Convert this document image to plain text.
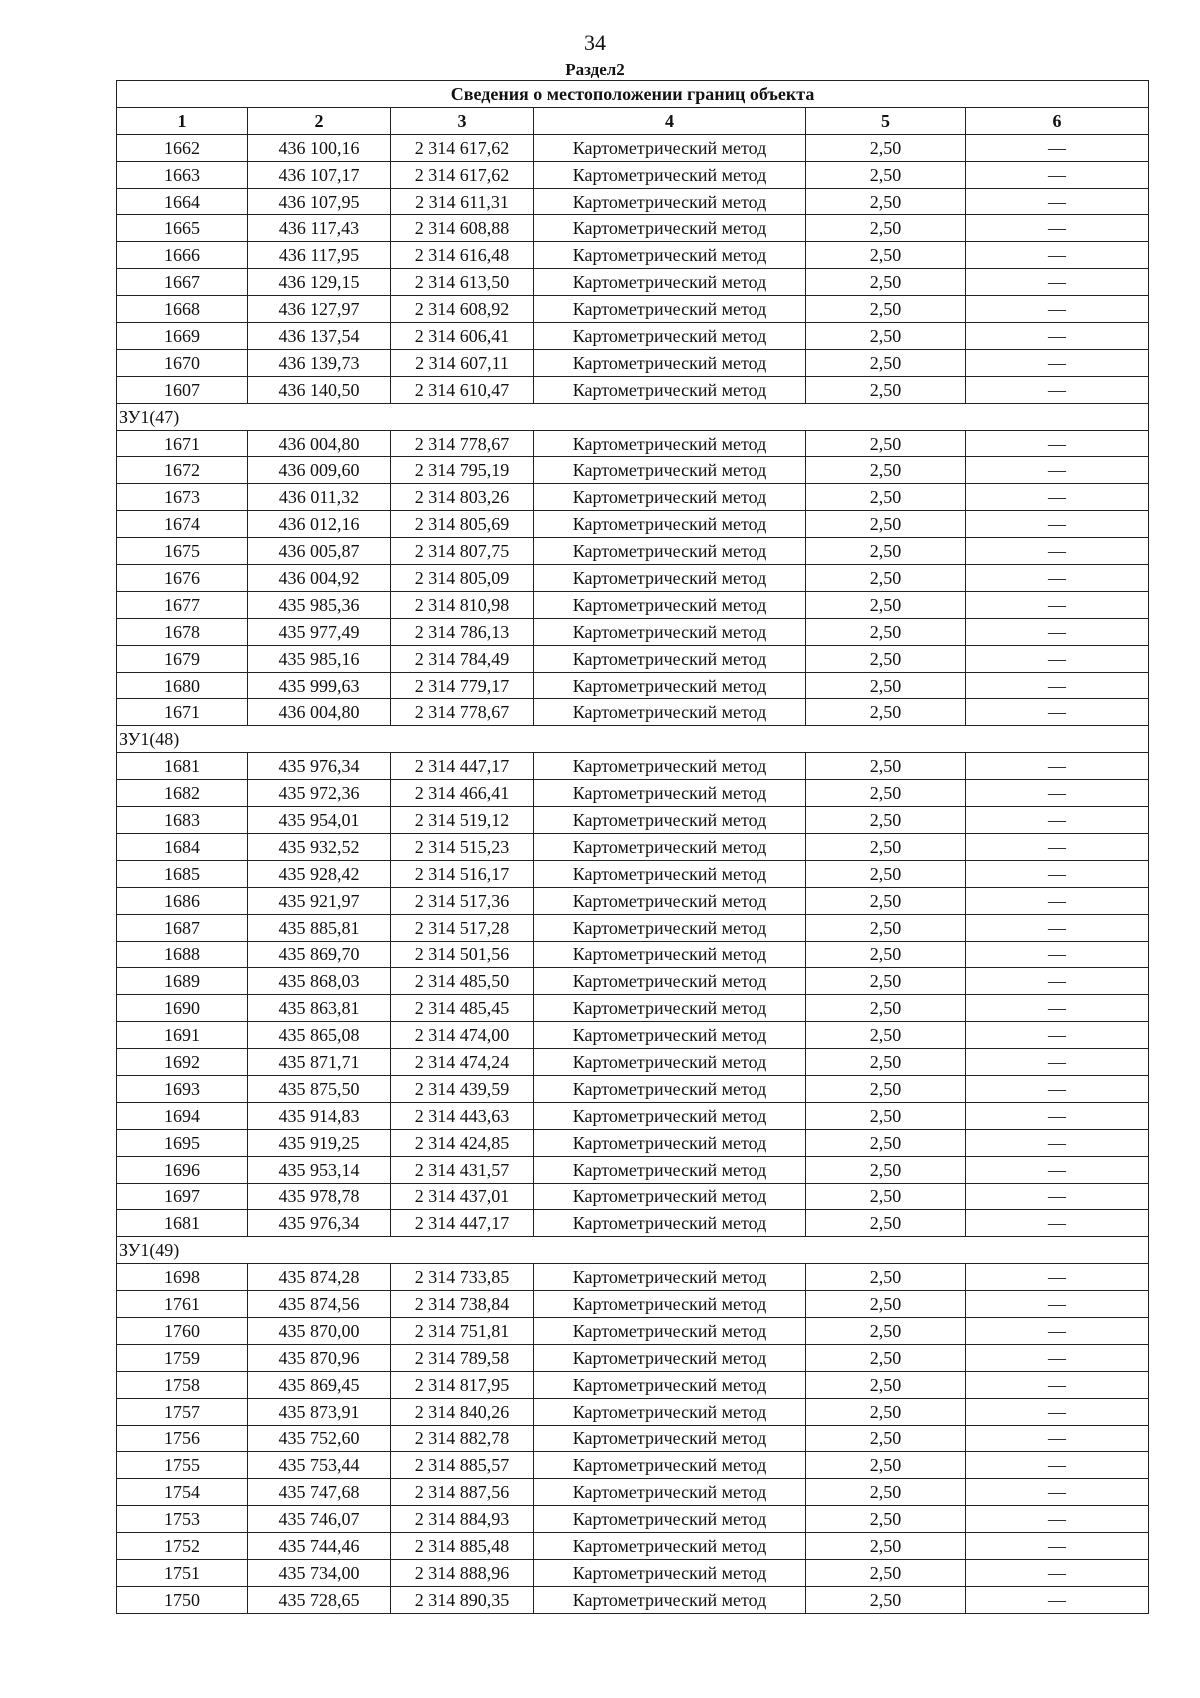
34
Раздел2
Сведения о местоположении границ объекта					
1	2	3	4	5	6
1662	436 100,16	2 314 617,62	Картометрический метод	2,50	—
1663	436 107,17	2 314 617,62	Картометрический метод	2,50	—
1664	436 107,95	2 314 611,31	Картометрический метод	2,50	—
1665	436 117,43	2 314 608,88	Картометрический метод	2,50	—
1666	436 117,95	2 314 616,48	Картометрический метод	2,50	—
1667	436 129,15	2 314 613,50	Картометрический метод	2,50	—
1668	436 127,97	2 314 608,92	Картометрический метод	2,50	—
1669	436 137,54	2 314 606,41	Картометрический метод	2,50	—
1670	436 139,73	2 314 607,11	Картометрический метод	2,50	—
1607	436 140,50	2 314 610,47	Картометрический метод	2,50	—
ЗУ1(47)					
1671	436 004,80	2 314 778,67	Картометрический метод	2,50	—
1672	436 009,60	2 314 795,19	Картометрический метод	2,50	—
1673	436 011,32	2 314 803,26	Картометрический метод	2,50	—
1674	436 012,16	2 314 805,69	Картометрический метод	2,50	—
1675	436 005,87	2 314 807,75	Картометрический метод	2,50	—
1676	436 004,92	2 314 805,09	Картометрический метод	2,50	—
1677	435 985,36	2 314 810,98	Картометрический метод	2,50	—
1678	435 977,49	2 314 786,13	Картометрический метод	2,50	—
1679	435 985,16	2 314 784,49	Картометрический метод	2,50	—
1680	435 999,63	2 314 779,17	Картометрический метод	2,50	—
1671	436 004,80	2 314 778,67	Картометрический метод	2,50	—
ЗУ1(48)					
1681	435 976,34	2 314 447,17	Картометрический метод	2,50	—
1682	435 972,36	2 314 466,41	Картометрический метод	2,50	—
1683	435 954,01	2 314 519,12	Картометрический метод	2,50	—
1684	435 932,52	2 314 515,23	Картометрический метод	2,50	—
1685	435 928,42	2 314 516,17	Картометрический метод	2,50	—
1686	435 921,97	2 314 517,36	Картометрический метод	2,50	—
1687	435 885,81	2 314 517,28	Картометрический метод	2,50	—
1688	435 869,70	2 314 501,56	Картометрический метод	2,50	—
1689	435 868,03	2 314 485,50	Картометрический метод	2,50	—
1690	435 863,81	2 314 485,45	Картометрический метод	2,50	—
1691	435 865,08	2 314 474,00	Картометрический метод	2,50	—
1692	435 871,71	2 314 474,24	Картометрический метод	2,50	—
1693	435 875,50	2 314 439,59	Картометрический метод	2,50	—
1694	435 914,83	2 314 443,63	Картометрический метод	2,50	—
1695	435 919,25	2 314 424,85	Картометрический метод	2,50	—
1696	435 953,14	2 314 431,57	Картометрический метод	2,50	—
1697	435 978,78	2 314 437,01	Картометрический метод	2,50	—
1681	435 976,34	2 314 447,17	Картометрический метод	2,50	—
ЗУ1(49)					
1698	435 874,28	2 314 733,85	Картометрический метод	2,50	—
1761	435 874,56	2 314 738,84	Картометрический метод	2,50	—
1760	435 870,00	2 314 751,81	Картометрический метод	2,50	—
1759	435 870,96	2 314 789,58	Картометрический метод	2,50	—
1758	435 869,45	2 314 817,95	Картометрический метод	2,50	—
1757	435 873,91	2 314 840,26	Картометрический метод	2,50	—
1756	435 752,60	2 314 882,78	Картометрический метод	2,50	—
1755	435 753,44	2 314 885,57	Картометрический метод	2,50	—
1754	435 747,68	2 314 887,56	Картометрический метод	2,50	—
1753	435 746,07	2 314 884,93	Картометрический метод	2,50	—
1752	435 744,46	2 314 885,48	Картометрический метод	2,50	—
1751	435 734,00	2 314 888,96	Картометрический метод	2,50	—
1750	435 728,65	2 314 890,35	Картометрический метод	2,50	—
